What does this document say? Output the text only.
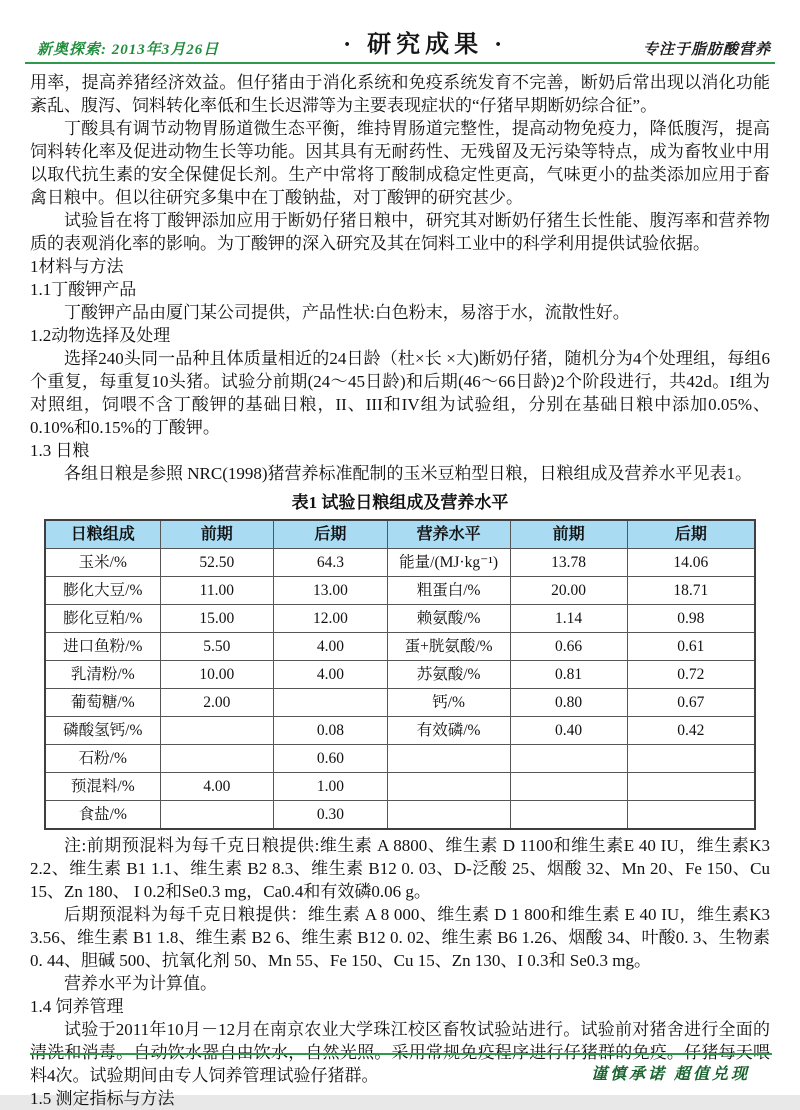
新奥探索: 2013年3月26日	· 研究成果 ·	专注于脂肪酸营养

用率，提高养猪经济效益。但仔猪由于消化系统和免疫系统发育不完善，断奶后常出现以消化功能紊乱、腹泻、饲料转化率低和生长迟滞等为主要表现症状的“仔猪早期断奶综合征”。

丁酸具有调节动物胃肠道微生态平衡，维持胃肠道完整性，提高动物免疫力，降低腹泻，提高饲料转化率及促进动物生长等功能。因其具有无耐药性、无残留及无污染等特点，成为畜牧业中用以取代抗生素的安全保健促长剂。生产中常将丁酸制成稳定性更高，气味更小的盐类添加应用于畜禽日粮中。但以往研究多集中在丁酸钠盐，对丁酸钾的研究甚少。

试验旨在将丁酸钾添加应用于断奶仔猪日粮中，研究其对断奶仔猪生长性能、腹泻率和营养物质的表观消化率的影响。为丁酸钾的深入研究及其在饲料工业中的科学利用提供试验依据。

1材料与方法

1.1丁酸钾产品

丁酸钾产品由厦门某公司提供，产品性状:白色粉末，易溶于水，流散性好。

1.2动物选择及处理

选择240头同一品种且体质量相近的24日龄（杜×长 ×大)断奶仔猪，随机分为4个处理组，每组6个重复，每重复10头猪。试验分前期(24～45日龄)和后期(46～66日龄)2个阶段进行，共42d。I组为对照组，饲喂不含丁酸钾的基础日粮，II、III和IV组为试验组，分别在基础日粮中添加0.05%、0.10%和0.15%的丁酸钾。

1.3 日粮

各组日粮是参照 NRC(1998)猪营养标准配制的玉米豆粕型日粮，日粮组成及营养水平见表1。

表1 试验日粮组成及营养水平
日粮组成	前期	后期	营养水平	前期	后期
玉米/%	52.50	64.3	能量/(MJ·kg⁻¹)	13.78	14.06
膨化大豆/%	11.00	13.00	粗蛋白/%	20.00	18.71
膨化豆粕/%	15.00	12.00	赖氨酸/%	1.14	0.98
进口鱼粉/%	5.50	4.00	蛋+胱氨酸/%	0.66	0.61
乳清粉/%	10.00	4.00	苏氨酸/%	0.81	0.72
葡萄糖/%	2.00		钙/%	0.80	0.67
磷酸氢钙/%		0.08	有效磷/%	0.40	0.42
石粉/%		0.60			
预混料/%	4.00	1.00			
食盐/%		0.30			

注:前期预混料为每千克日粮提供:维生素 A 8800、维生素 D 1100和维生素E 40 IU，维生素K3 2.2、维生素 B1 1.1、维生素 B2 8.3、维生素 B12 0. 03、D-泛酸 25、烟酸 32、Mn 20、Fe 150、Cu 15、Zn 180、 I 0.2和Se0.3 mg，Ca0.4和有效磷0.06 g。

后期预混料为每千克日粮提供：维生素 A 8 000、维生素 D 1 800和维生素 E 40 IU，维生素K3 3.56、维生素 B1 1.8、维生素 B2 6、维生素 B12 0. 02、维生素 B6 1.26、烟酸 34、叶酸0. 3、生物素 0. 44、胆碱 500、抗氧化剂 50、Mn 55、Fe 150、Cu 15、Zn 130、I 0.3和 Se0.3 mg。

营养水平为计算值。

1.4 饲养管理

试验于2011年10月－12月在南京农业大学珠江校区畜牧试验站进行。试验前对猪舍进行全面的清洗和消毒。自动饮水器自由饮水，自然光照。采用常规免疫程序进行仔猪群的免疫。仔猪每天喂料4次。试验期间由专人饲养管理试验仔猪群。

1.5 测定指标与方法

谨慎承诺 超值兑现
